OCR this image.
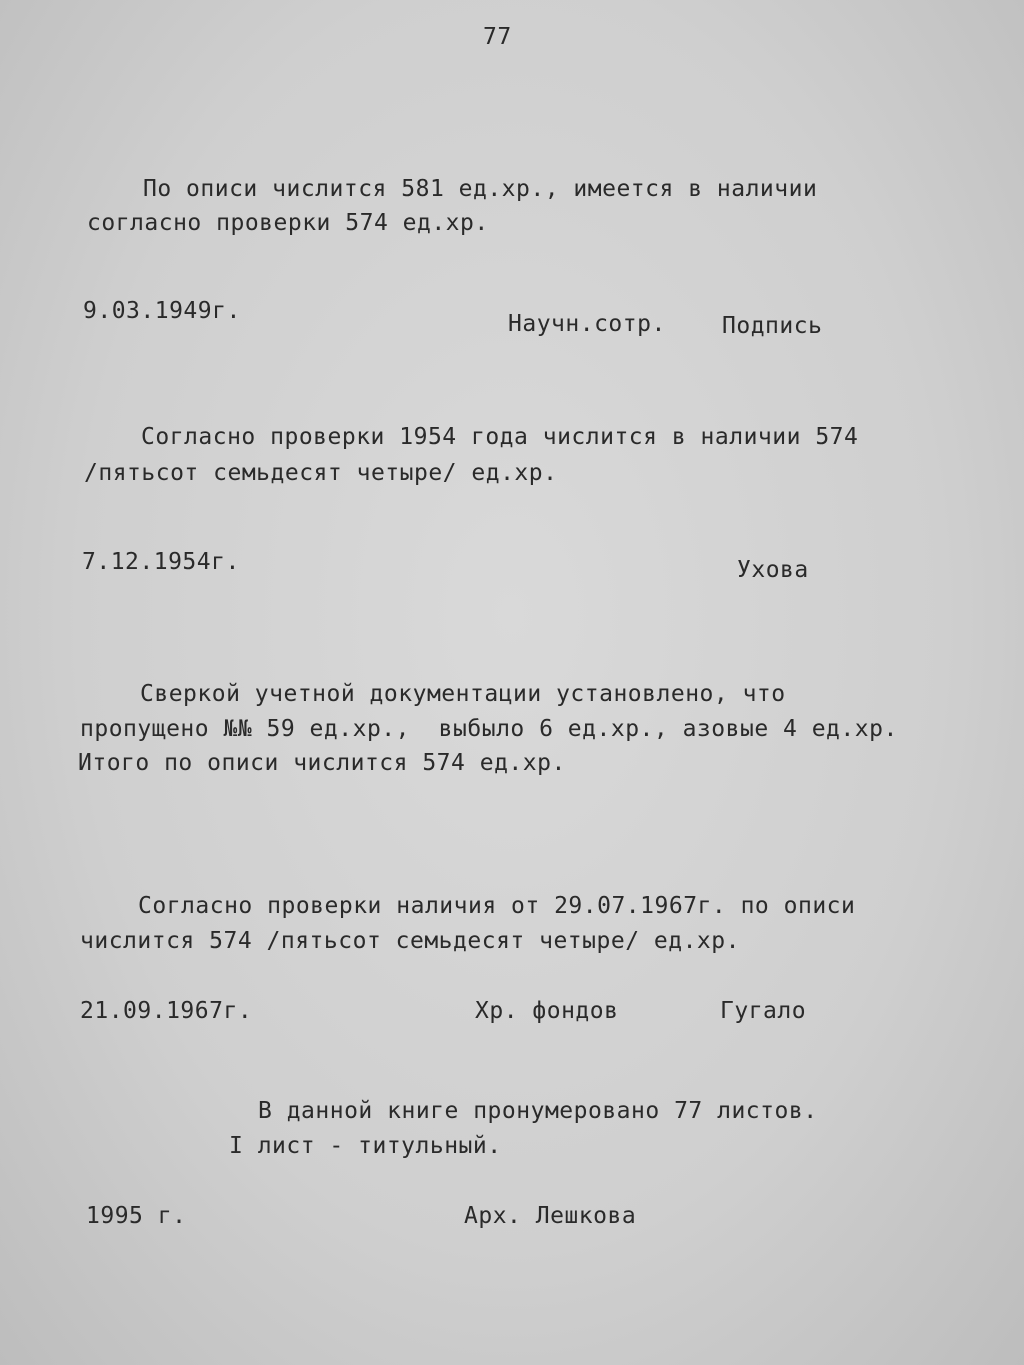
77
По описи числится 581 ед.хр., имеется в наличии
согласно проверки 574 ед.хр.
9.03.1949г.	Научн.сотр. Подпись
Согласно проверки 1954 года числится в наличии 574
/пятьсот семьдесят четыре/ ед.хр.
7.12.1954г.	Ухова
Сверкой учетной документации установлено, что
пропущено №№ 59 ед.хр.,  выбыло 6 ед.хр., азовые 4 ед.хр.
Итого по описи числится 574 ед.хр.
Согласно проверки наличия от 29.07.1967г. по описи
числится 574 /пятьсот семьдесят четыре/ ед.хр.
21.09.1967г.	Хр. фондов	Гугало
В данной книге пронумеровано 77 листов.
I лист - титульный.
1995 г.	Арх. Лешкова
